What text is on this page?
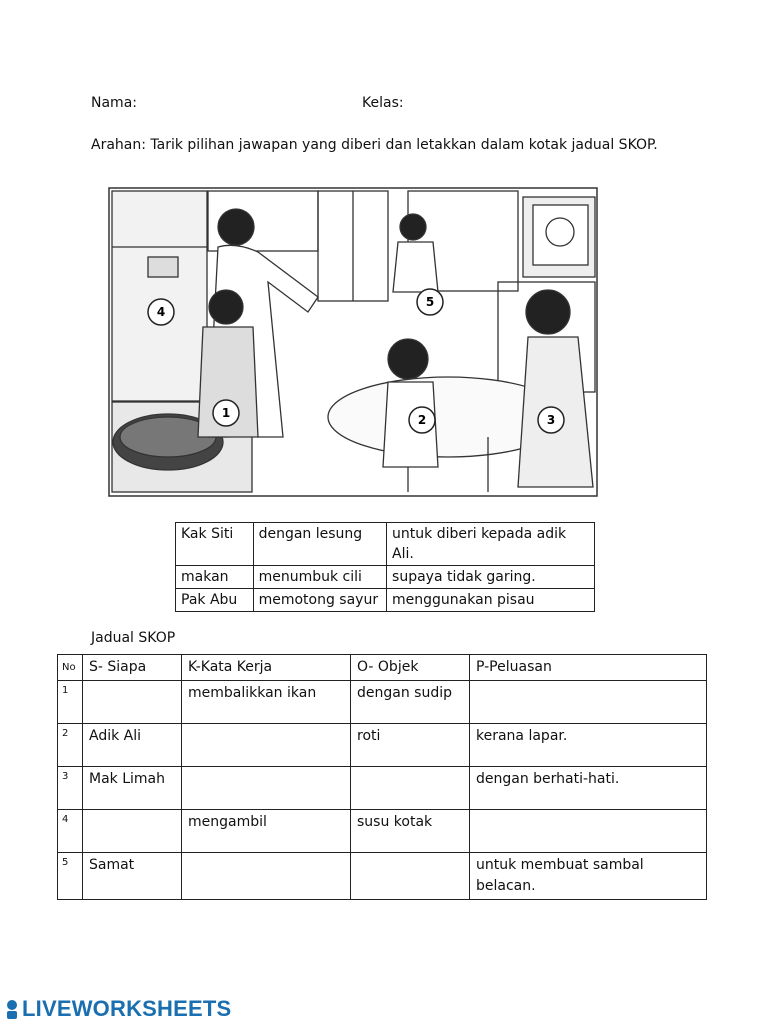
Nama:	Kelas:
Arahan: Tarik pilihan jawapan yang diberi dan letakkan dalam kotak jadual SKOP.
1	2	3
4
5
Kak Siti	dengan lesung	untuk diberi kepada adik Ali.
makan	menumbuk cili	supaya tidak garing.
Pak Abu	memotong sayur	menggunakan pisau
Jadual SKOP
No	S- Siapa	K-Kata Kerja	O- Objek	P-Peluasan
1		membalikkan ikan	dengan sudip	
2	Adik Ali		roti	kerana lapar.
3	Mak Limah			dengan berhati-hati.
4		mengambil	susu kotak	
5	Samat			untuk membuat sambal belacan.
LIVEWORKSHEETS
